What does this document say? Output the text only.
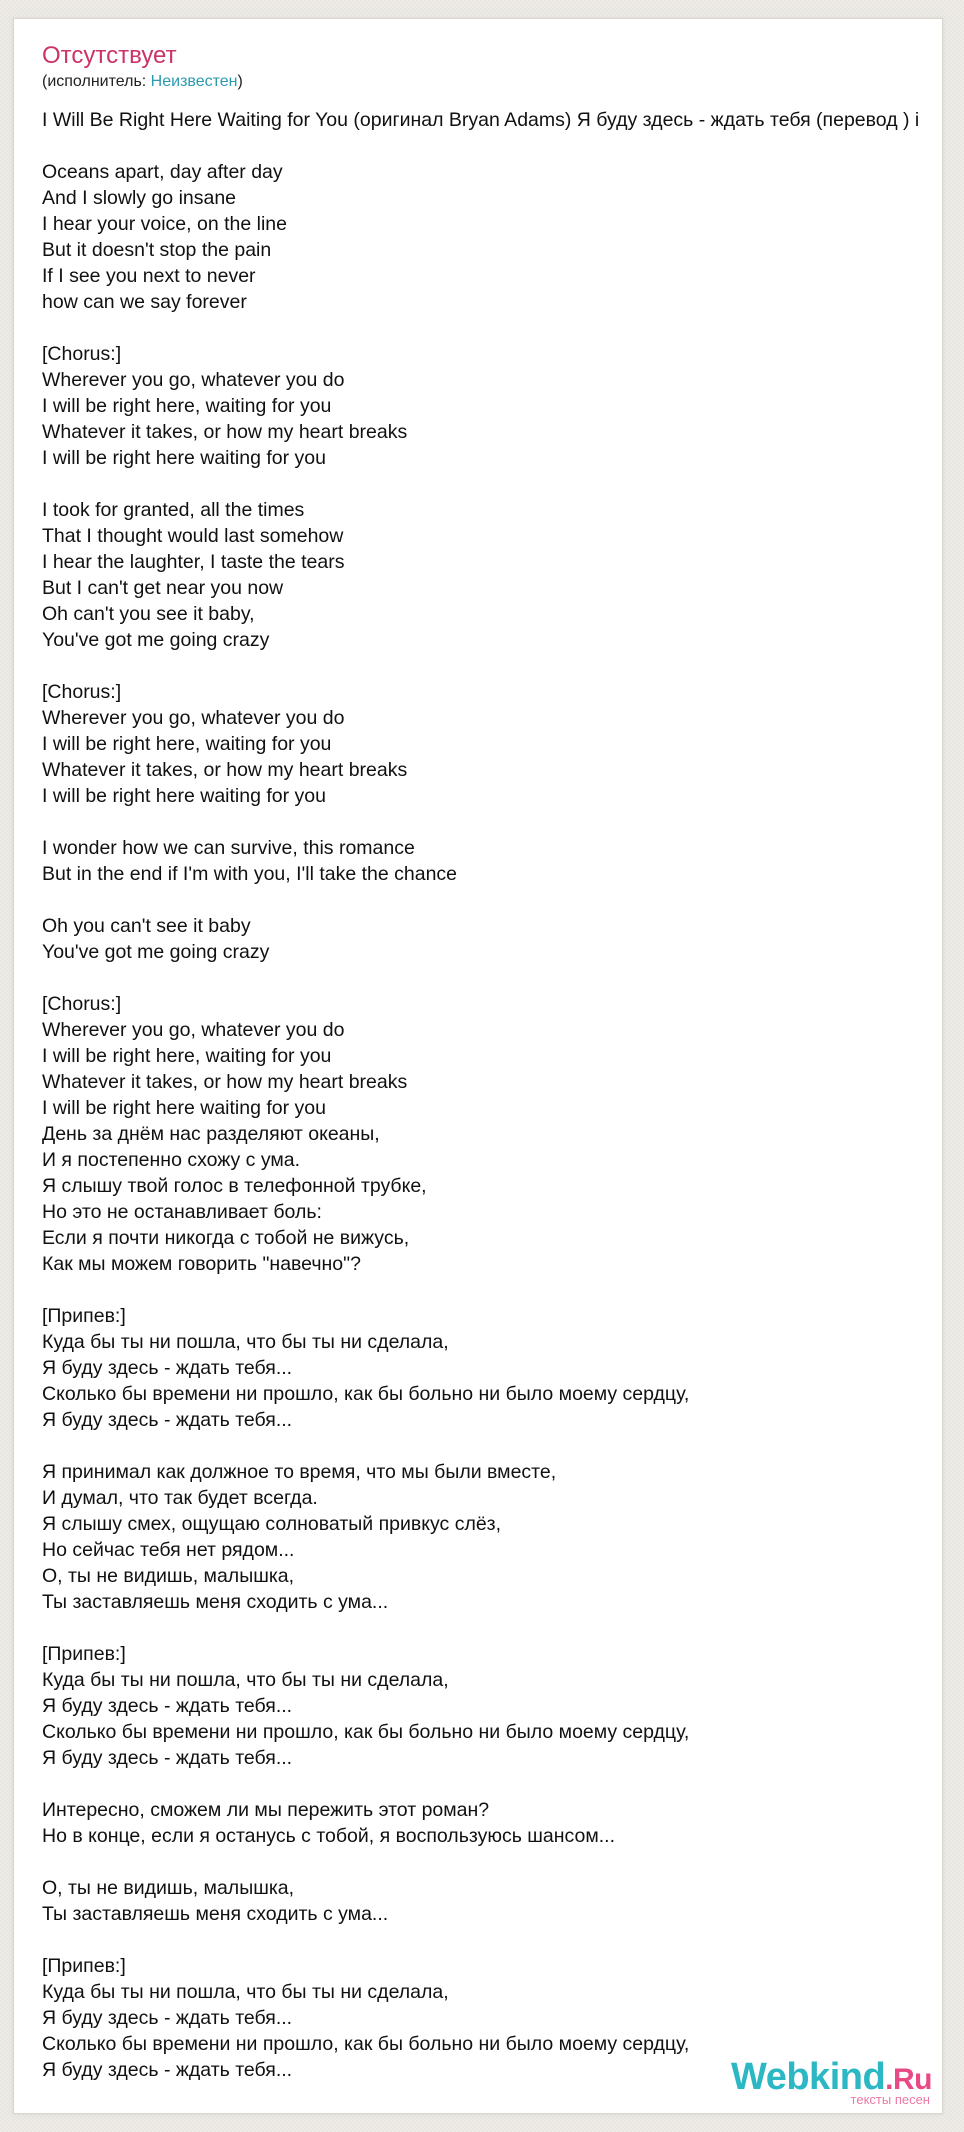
Отсутствует
(исполнитель: Неизвестен)
I Will Be Right Here Waiting for You (оригинал Bryan Adams) Я буду здесь - ждать тебя (перевод ) i
Oceans apart, day after day
And I slowly go insane
I hear your voice, on the line
But it doesn't stop the pain
If I see you next to never
how can we say forever
[Chorus:]
Wherever you go, whatever you do
I will be right here, waiting for you
Whatever it takes, or how my heart breaks
I will be right here waiting for you
I took for granted, all the times
That I thought would last somehow
I hear the laughter, I taste the tears
But I can't get near you now
Oh can't you see it baby,
You've got me going crazy
[Chorus:]
Wherever you go, whatever you do
I will be right here, waiting for you
Whatever it takes, or how my heart breaks
I will be right here waiting for you
I wonder how we can survive, this romance
But in the end if I'm with you, I'll take the chance
Oh you can't see it baby
You've got me going crazy
[Chorus:]
Wherever you go, whatever you do
I will be right here, waiting for you
Whatever it takes, or how my heart breaks
I will be right here waiting for you
День за днём нас разделяют океаны,
И я постепенно схожу с ума.
Я слышу твой голос в телефонной трубке,
Но это не останавливает боль:
Если я почти никогда с тобой не вижусь,
Как мы можем говорить "навечно"?
[Припев:]
Куда бы ты ни пошла, что бы ты ни сделала,
Я буду здесь - ждать тебя...
Сколько бы времени ни прошло, как бы больно ни было моему сердцу,
Я буду здесь - ждать тебя...
Я принимал как должное то время, что мы были вместе,
И думал, что так будет всегда.
Я слышу смех, ощущаю солноватый привкус слёз,
Но сейчас тебя нет рядом...
О, ты не видишь, малышка,
Ты заставляешь меня сходить с ума...
[Припев:]
Куда бы ты ни пошла, что бы ты ни сделала,
Я буду здесь - ждать тебя...
Сколько бы времени ни прошло, как бы больно ни было моему сердцу,
Я буду здесь - ждать тебя...
Интересно, сможем ли мы пережить этот роман?
Но в конце, если я останусь с тобой, я воспользуюсь шансом...
О, ты не видишь, малышка,
Ты заставляешь меня сходить с ума...
[Припев:]
Куда бы ты ни пошла, что бы ты ни сделала,
Я буду здесь - ждать тебя...
Сколько бы времени ни прошло, как бы больно ни было моему сердцу,
Я буду здесь - ждать тебя...	Webkind.Ru
тексты песен
